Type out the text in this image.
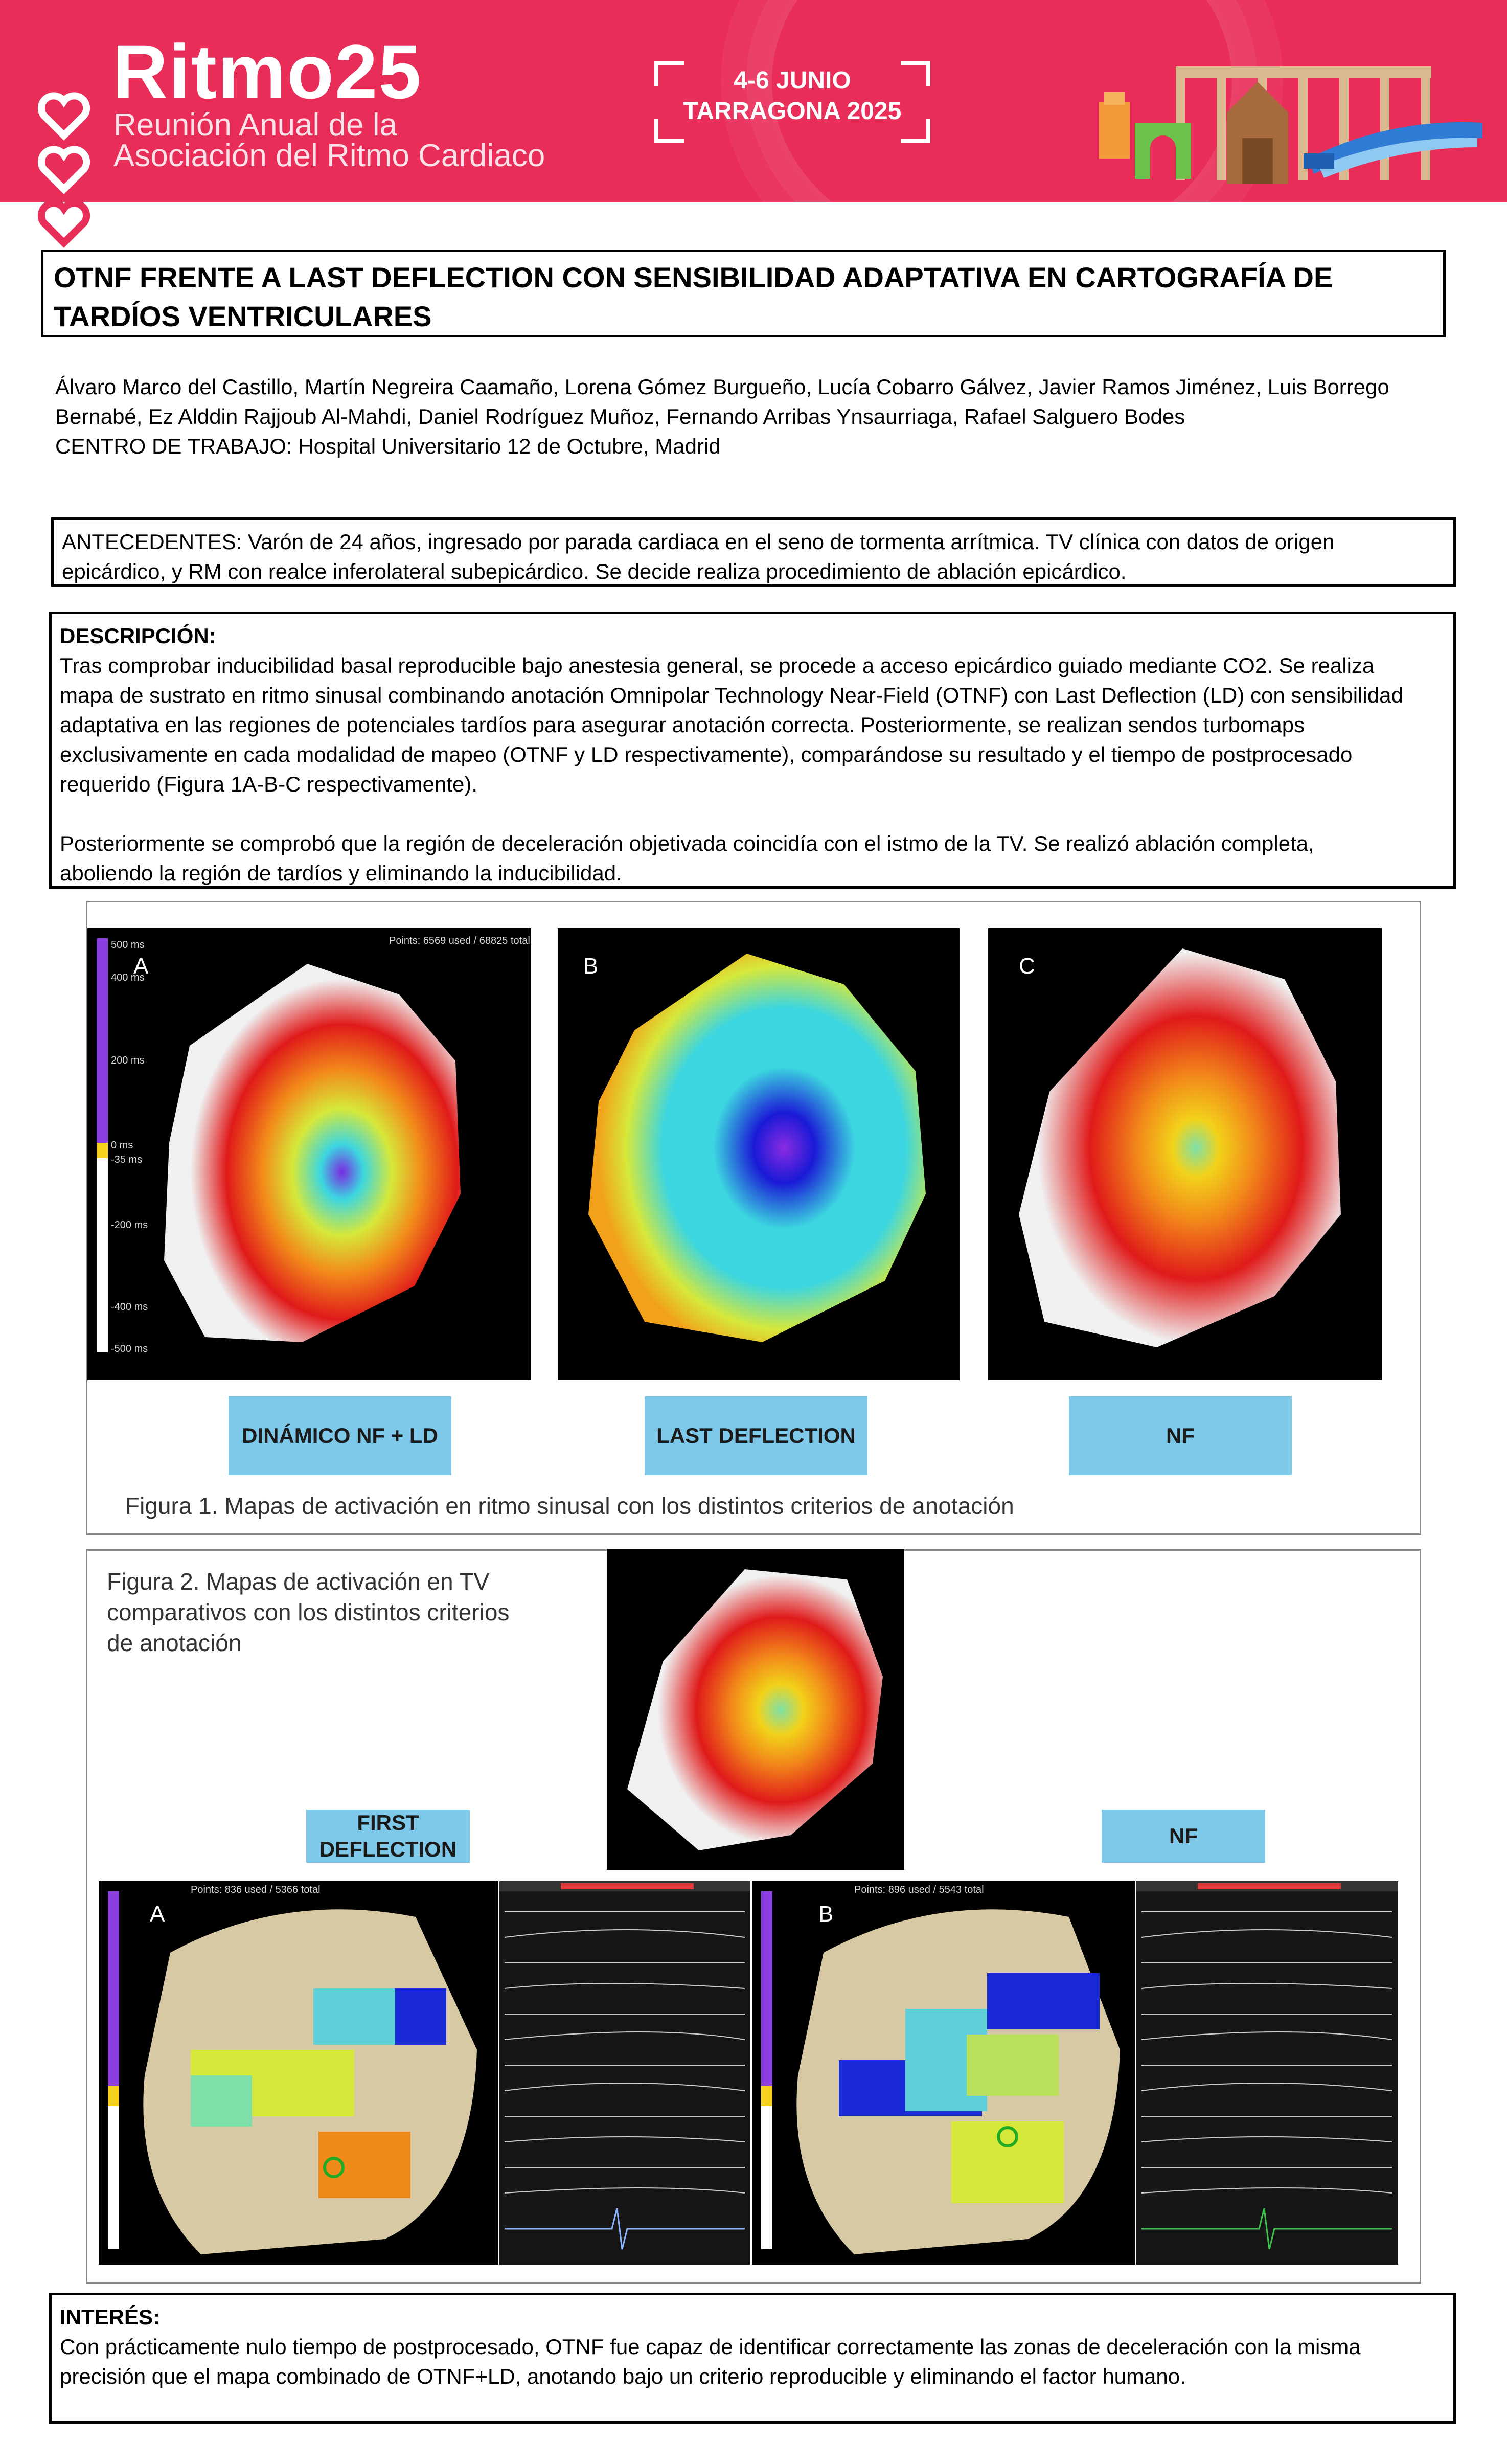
Ritmo25
Reunión Anual de la
Asociación del Ritmo Cardiaco
4-6 JUNIO
TARRAGONA 2025
OTNF FRENTE A LAST DEFLECTION CON SENSIBILIDAD ADAPTATIVA EN CARTOGRAFÍA DE TARDÍOS VENTRICULARES
Álvaro Marco del Castillo, Martín Negreira Caamaño, Lorena Gómez Burgueño, Lucía Cobarro Gálvez, Javier Ramos Jiménez, Luis Borrego
Bernabé, Ez Alddin Rajjoub Al-Mahdi, Daniel Rodríguez Muñoz, Fernando Arribas Ynsaurriaga, Rafael Salguero Bodes
CENTRO DE TRABAJO: Hospital Universitario 12 de Octubre, Madrid
ANTECEDENTES: Varón de 24 años, ingresado por parada cardiaca en el seno de tormenta arrítmica. TV clínica con datos de origen
epicárdico, y RM con realce inferolateral subepicárdico. Se decide realiza procedimiento de ablación epicárdico.
DESCRIPCIÓN:
Tras comprobar inducibilidad basal reproducible bajo anestesia general, se procede a acceso epicárdico guiado mediante CO2. Se realiza
mapa de sustrato en ritmo sinusal combinando anotación Omnipolar Technology Near-Field (OTNF) con Last Deflection (LD) con sensibilidad
adaptativa en las regiones de potenciales tardíos para asegurar anotación correcta. Posteriormente, se realizan sendos turbomaps
exclusivamente en cada modalidad de mapeo (OTNF y LD respectivamente), comparándose su resultado y el tiempo de postprocesado
requerido (Figura 1A-B-C respectivamente).
Posteriormente se comprobó que la región de deceleración objetivada coincidía con el istmo de la TV. Se realizó ablación completa,
aboliendo la región de tardíos y eliminando la inducibilidad.
A
Points: 6569 used / 68825 total
500 ms
400 ms
200 ms
0 ms
-35 ms
-200 ms
-400 ms
-500 ms
B	C
DINÁMICO NF + LD	LAST DEFLECTION	NF
Figura 1. Mapas de activación en ritmo sinusal con los distintos criterios de anotación
Figura 2. Mapas de activación en TV
comparativos con los distintos criterios
de anotación
FIRST
DEFLECTION
NF
A
Points: 836 used / 5366 total
B
Points: 896 used / 5543 total
INTERÉS:
Con prácticamente nulo tiempo de postprocesado, OTNF fue capaz de identificar correctamente las zonas de deceleración con la misma
precisión que el mapa combinado de OTNF+LD, anotando bajo un criterio reproducible y eliminando el factor humano.
